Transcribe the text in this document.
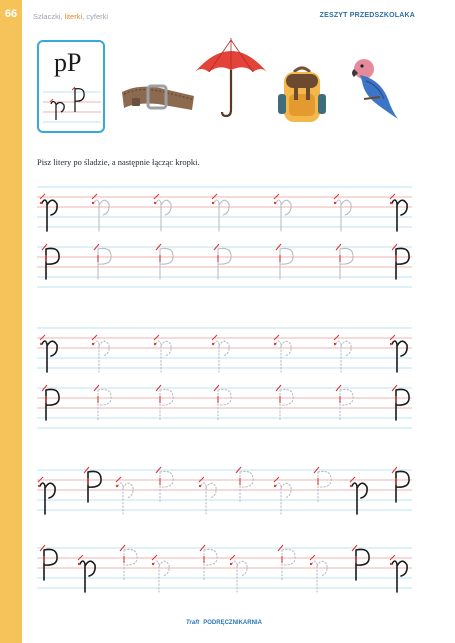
66	Szlaczki, literki, cyferki	ZESZYT PRZEDSZKOLAKA
pP
Pisz litery po śladzie, a następnie łącząc kropki.
Traft PODRĘCZNIKARNIA
